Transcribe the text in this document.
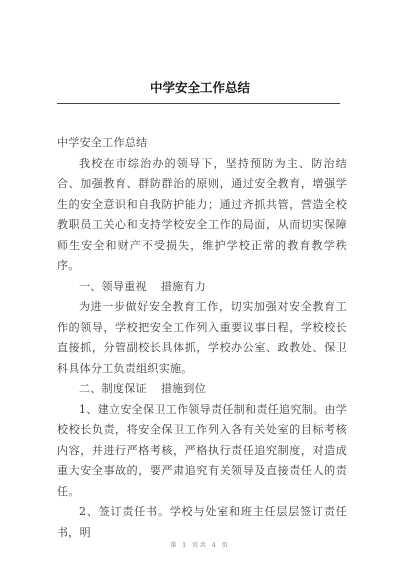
中学安全工作总结

中学安全工作总结

我校在市综治办的领导下，坚持预防为主、防治结合、加强教育、群防群治的原则，通过安全教育，增强学生的安全意识和自我防护能力；通过齐抓共管，营造全校教职员工关心和支持学校安全工作的局面，从而切实保障师生安全和财产不受损失，维护学校正常的教育教学秩序。

一、领导重视 措施有力

为进一步做好安全教育工作，切实加强对安全教育工作的领导，学校把安全工作列入重要议事日程，学校校长直接抓，分管副校长具体抓，学校办公室、政教处、保卫科具体分工负责组织实施。

二、制度保证 措施到位

1、建立安全保卫工作领导责任制和责任追究制。由学校校长负责，将安全保卫工作列入各有关处室的目标考核内容，并进行严格考核，严格执行责任追究制度，对造成重大安全事故的，要严肃追究有关领导及直接责任人的责任。

2、签订责任书。学校与处室和班主任层层签订责任书，明

第 1 页共 4 页
